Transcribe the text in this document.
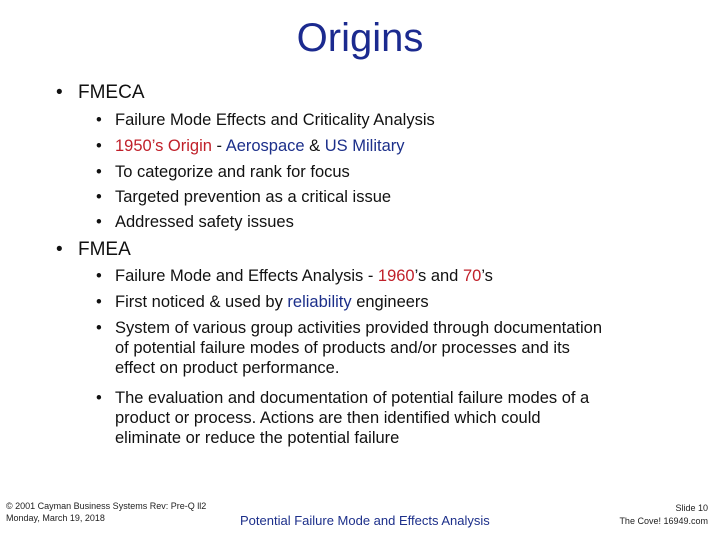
Origins
• FMECA
• Failure Mode Effects and Criticality Analysis
• 1950’s Origin - Aerospace & US Military
• To categorize and rank for focus
• Targeted prevention as a critical issue
• Addressed safety issues
• FMEA
• Failure Mode and Effects Analysis - 1960’s and 70’s
• First noticed & used by reliability engineers
• System of various group activities provided through documentation
of potential failure modes of products and/or processes and its
effect on product performance.
• The evaluation and documentation of potential failure modes of a
product or process. Actions are then identified which could
eliminate or reduce the potential failure
© 2001 Cayman Business Systems Rev: Pre-Q ll2
Monday, March 19, 2018	Potential Failure Mode and Effects Analysis
Slide 10
The Cove! 16949.com
